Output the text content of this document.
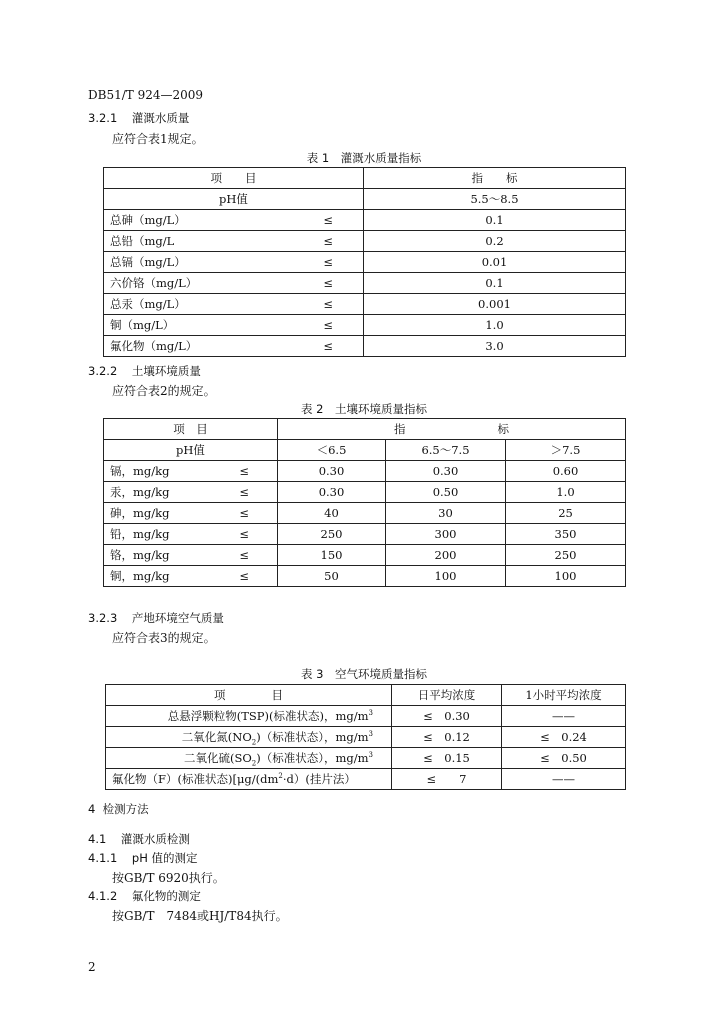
DB51/T 924—2009
3.2.1 灌溉水质量
应符合表1规定。
表 1　灌溉水质量指标
项　　目	指　　标
pH值	5.5～8.5

总砷（mg/L） ≤	0.1

总铅（mg/L ≤	0.2

总镉（mg/L） ≤	0.01

六价铬（mg/L） ≤	0.1

总汞（mg/L） ≤	0.001

铜（mg/L） ≤	1.0

氟化物（mg/L） ≤	3.0
3.2.2 土壤环境质量
应符合表2的规定。
表 2　土壤环境质量指标
项　目	指　　　　　　　　标		
pH值	＜6.5	6.5～7.5	＞7.5

镉，mg/kg ≤	0.30	0.30	0.60

汞，mg/kg ≤	0.30	0.50	1.0

砷，mg/kg ≤	40	30	25

铅，mg/kg ≤	250	300	350

铬，mg/kg ≤	150	200	250

铜，mg/kg ≤	50	100	100
3.2.3 产地环境空气质量
应符合表3的规定。
表 3　空气环境质量指标
项　　　　目	日平均浓度	1小时平均浓度
总悬浮颗粒物(TSP)(标准状态)，$mg/m^3$	≤　0.30	——
二氧化氮$(NO_2)$（标准状态），$mg/m^3$	≤　0.12	≤　0.24
二氧化硫$(SO_2)$（标准状态），$mg/m^3$	≤　0.15	≤　0.50
氟化物（F）(标准状态)[$\mu g/(dm^2\cdot d)$(挂片法）	≤　　7	——
4 检测方法
4.1 灌溉水质检测
4.1.1 pH 值的测定
按GB/T 6920执行。
4.1.2 氟化物的测定
按GB/T　7484或HJ/T84执行。
2
